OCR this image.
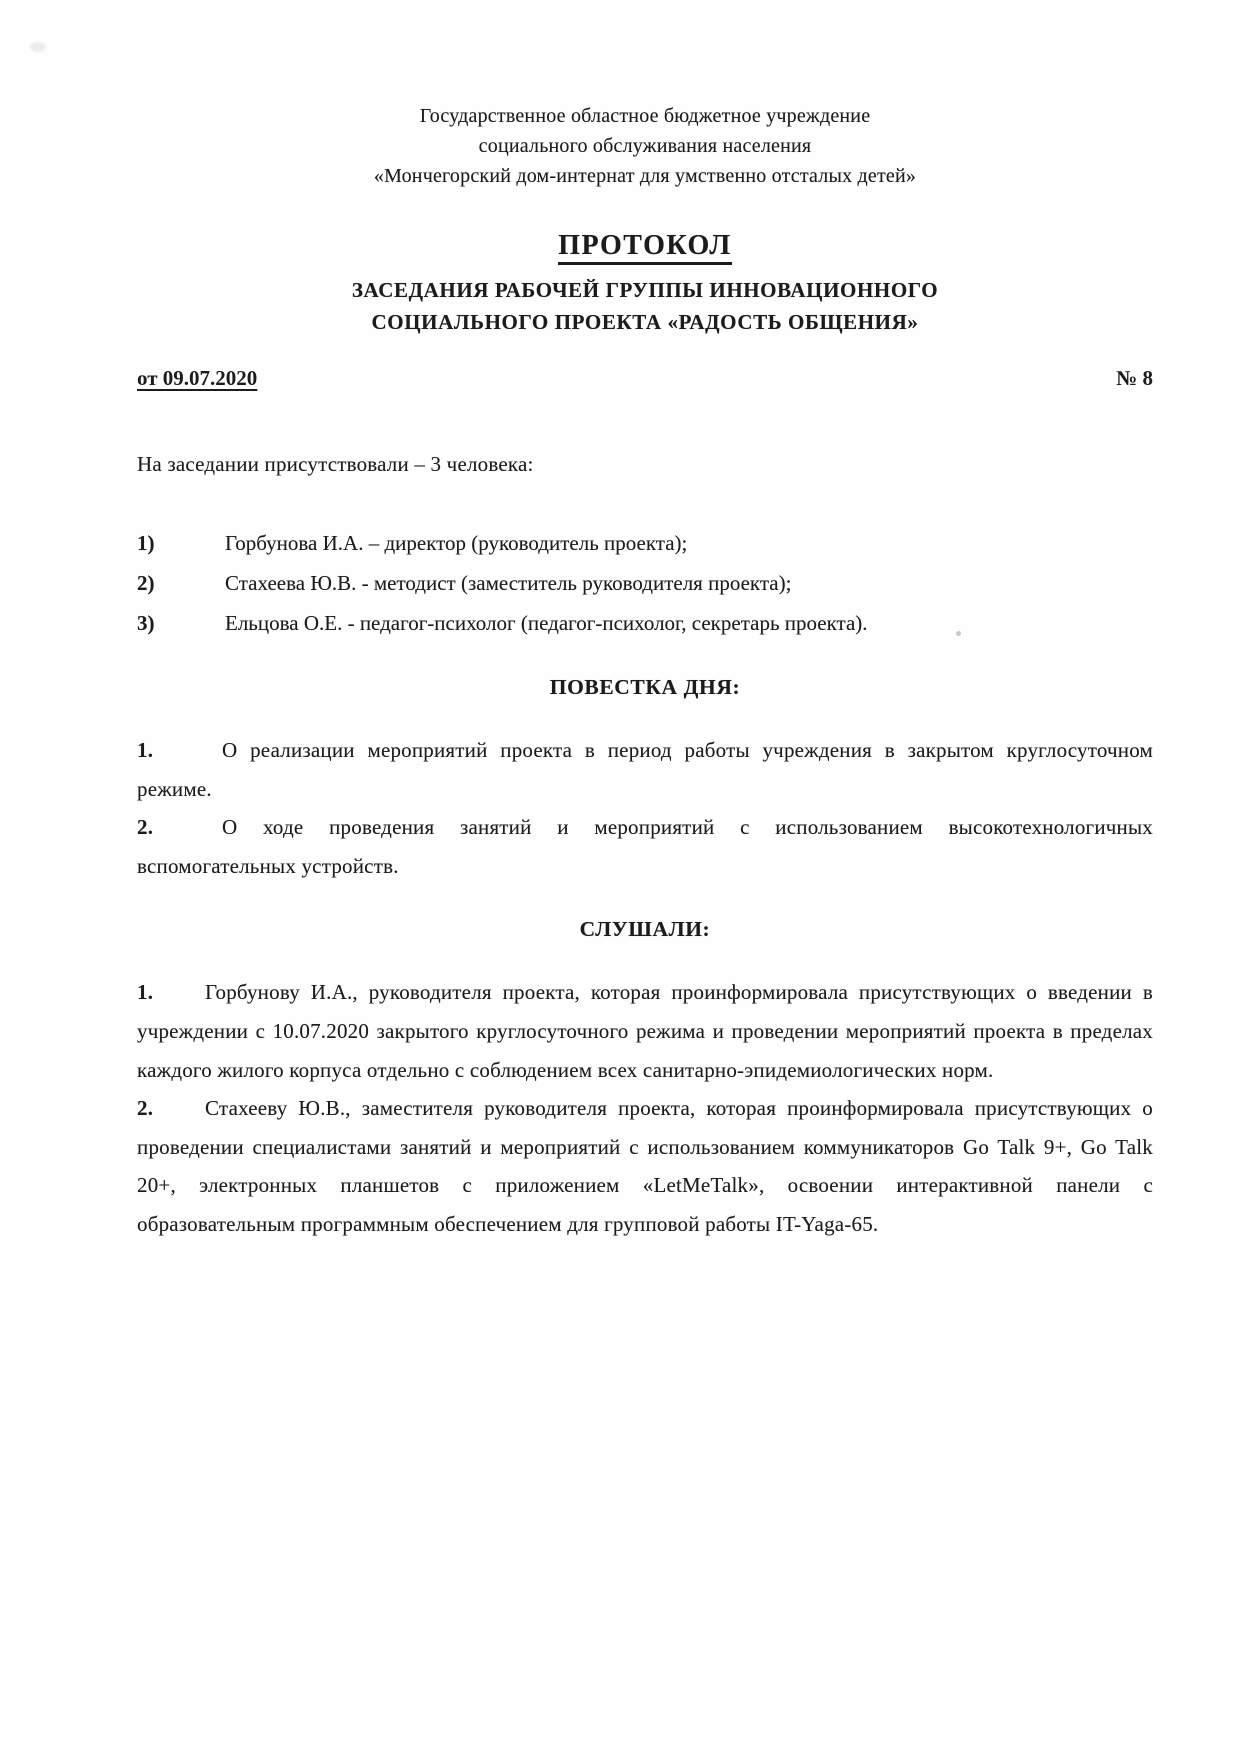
Государственное областное бюджетное учреждение
социального обслуживания населения
«Мончегорский дом-интернат для умственно отсталых детей»
ПРОТОКОЛ
ЗАСЕДАНИЯ РАБОЧЕЙ ГРУППЫ ИННОВАЦИОННОГО
СОЦИАЛЬНОГО ПРОЕКТА «РАДОСТЬ ОБЩЕНИЯ»
от 09.07.2020	№ 8

На заседании присутствовали – 3 человека:

1)	Горбунова И.А. – директор (руководитель проекта);
2)	Стахеева Ю.В. - методист (заместитель руководителя проекта);
3)	Ельцова О.Е. - педагог-психолог (педагог-психолог, секретарь проекта).
ПОВЕСТКА ДНЯ:

1.	О реализации мероприятий проекта в период работы учреждения в закрытом круглосуточном режиме.

2.	О ходе проведения занятий и мероприятий с использованием высокотехнологичных вспомогательных устройств.

СЛУШАЛИ:

1. Горбунову И.А., руководителя проекта, которая проинформировала присутствующих о введении в учреждении с 10.07.2020 закрытого круглосуточного режима и проведении мероприятий проекта в пределах каждого жилого корпуса отдельно с соблюдением всех санитарно-эпидемиологических норм.

2. Стахееву Ю.В., заместителя руководителя проекта, которая проинформировала присутствующих о проведении специалистами занятий и мероприятий с использованием коммуникаторов Go Talk 9+, Go Talk 20+, электронных планшетов с приложением «LetMeTalk», освоении интерактивной панели с образовательным программным обеспечением для групповой работы IT-Yaga-65.
